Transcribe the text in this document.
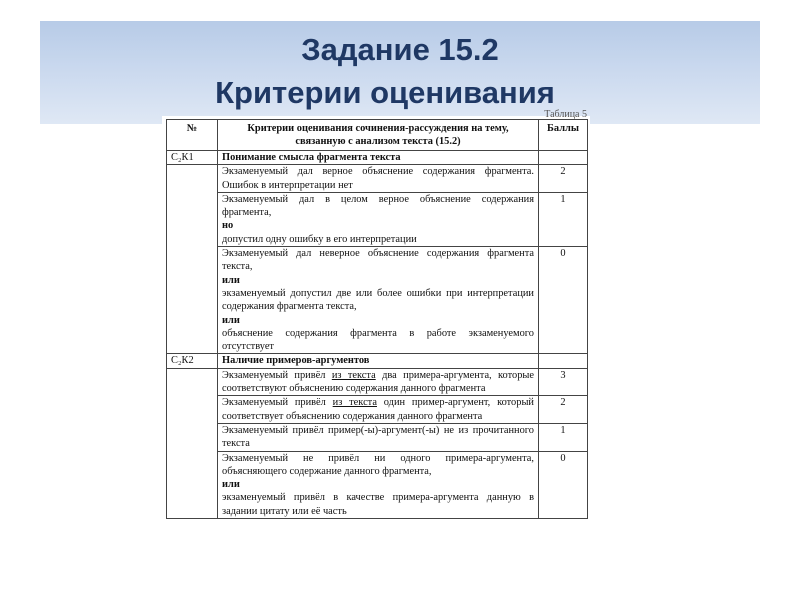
Задание 15.2
Критерии оценивания
Таблица 5
№	Критерии оценивания сочинения-рассуждения на тему, связанную с анализом текста (15.2)	Баллы
С₂К1	Понимание смысла фрагмента текста	
	Экзаменуемый дал верное объяснение содержания фрагмента. Ошибок в интерпретации нет	2
	Экзаменуемый дал в целом верное объяснение содержания фрагмента,
но
допустил одну ошибку в его интерпретации	1
	Экзаменуемый дал неверное объяснение содержания фрагмента текста,
или
экзаменуемый допустил две или более ошибки при интерпретации содержания фрагмента текста,
или
объяснение содержания фрагмента в работе экзаменуемого отсутствует	0
С₂К2	Наличие примеров-аргументов	
	Экзаменуемый привёл из текста два примера-аргумента, которые соответствуют объяснению содержания данного фрагмента	3
	Экзаменуемый привёл из текста один пример-аргумент, который соответствует объяснению содержания данного фрагмента	2
	Экзаменуемый привёл пример(-ы)-аргумент(-ы) не из прочитанного текста	1
	Экзаменуемый не привёл ни одного примера-аргумента, объясняющего содержание данного фрагмента,
или
экзаменуемый привёл в качестве примера-аргумента данную в задании цитату или её часть	0
